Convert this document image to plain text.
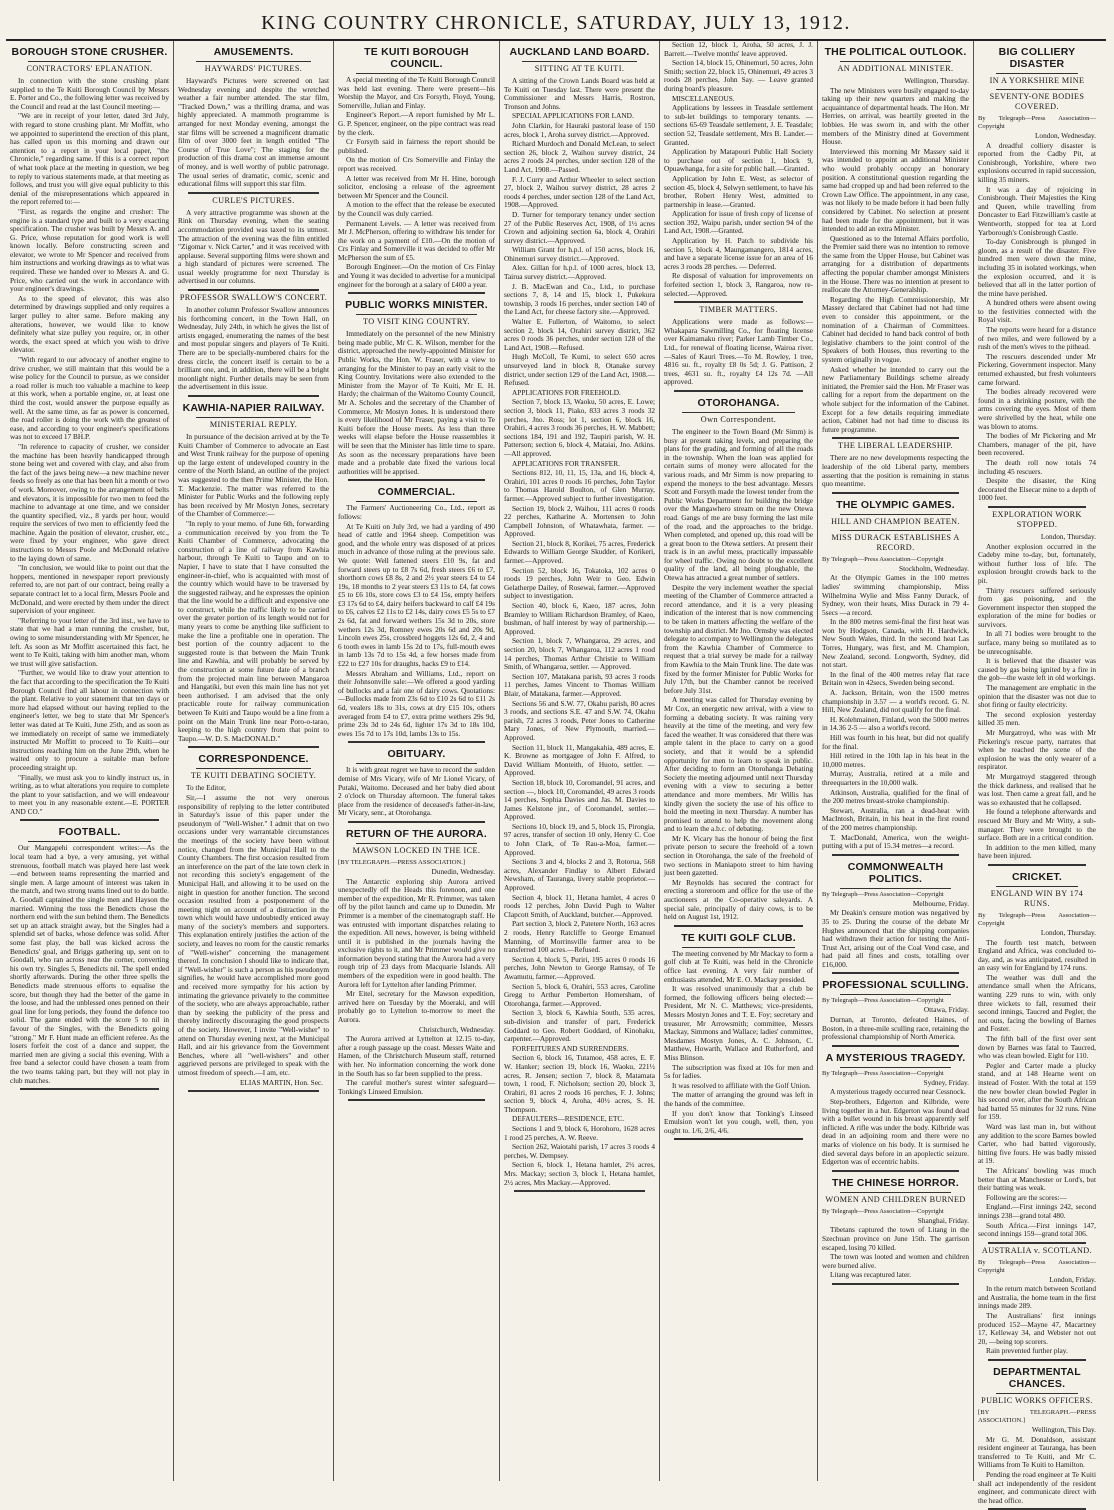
KING COUNTRY CHRONICLE, SATURDAY, JULY 13, 1912.
BOROUGH STONE CRUSHER.
CONTRACTORS' EPLANATION.

In connection with the stone crushing plant supplied to the Te Kuiti Borough Council by Messrs E. Porter and Co., the following letter was received by the Council and read at the last Council meeting:—

"We are in receipt of your letter, dated 3rd July, with regard to stone crushing plant. Mr Moffitt, who we appointed to superintend the erection of this plant, has called upon us this morning and drawn our attention to a report in your local paper, "the Chronicle," regarding same. If this is a correct report of what took place at the meeting in question, we beg to reply to various statements made, at that meeting as follows, and trust you will give equal publicity to this denial of the misrepresentations which appeared in the report referred to:—

"First, as regards the engine and crusher: The engine is a standard type and built to a very exacting specification. The crusher was built by Messrs A. and G. Price, whose reputation for good work is well known locally. Before constructing screen and elevator, we wrote to Mr Spencer and received from him instructions and working drawings as to what was required. These we handed over to Messrs A. and G. Price, who carried out the work in accordance with your engineer's drawings.

As to the speed of elevator, this was also determined by drawings supplied and only requires a larger pulley to alter same. Before making any alterations, however, we would like to know definitely what size pulley you require, or, in other words, the exact speed at which you wish to drive elevator.

"With regard to our advocacy of another engine to drive crusher, we still maintain that this would be a wise policy for the Council to pursue, as we consider a road roller is much too valuable a machine to keep at this work, when a portable engine, or, at least one third the cost, would answer the purpose equally as well. At the same time, as far as power is concerned, the road roller is doing the work with the greatest of ease, and according to your engineer's specifications was not to exceed 17 BH.P.

"In reference to capacity of crusher, we consider the machine has been heavily handicapped through stone being wet and covered with clay, and also from the fact of the jaws being new—a new machine never feeds so freely as one that has been hit a month or two of work. Moreover, owing to the arrangement of belts and elevators, it is impossible for two men to feed the machine to advantage at one time, and we consider the quantity specified, viz., 8 yards per hour, would require the services of two men to efficiently feed the machine. Again the position of elevator, crusher, etc., were fixed by your engineer, who gave direct instructions to Messrs Poole and McDonald relative to the laying down of same.

"In conclusion, we would like to point out that the hoppers, mentioned in newspaper report previously referred to, are not part of our contract, being really a separate contract let to a local firm, Messrs Poole and McDonald, and were erected by them under the direct supervision of your engineer.

"Referring to your letter of the 3rd inst., we have to state that we had a man running the crusher, but, owing to some misunderstanding with Mr Spencer, he left. As soon as Mr Moffitt ascertained this fact, he went to Te Kuiti, taking with him another man, whom we trust will give satisfaction.

"Further, we would like to draw your attention to the fact that according to the specification the Te Kuiti Borough Council find all labour in connection with the plant. Relative to your statement that ten days or more had elapsed without our having replied to the engineer's letter, we beg to state that Mr Spencer's letter was dated at Te Kuiti, June 25th, and as soon as we immediately on receipt of same we immediately instructed Mr Moffitt to proceed to Te Kuiti—our instructions reaching him on the June 29th, when he waited only to procure a suitable man before proceeding straight up.

"Finally, we must ask you to kindly instruct us, in writing, as to what alterations you require to complete the plant to your satisfaction, and we will endeavour to meet you in any reasonable extent.—E. PORTER AND CO."

FOOTBALL.

Our Mangapehi correspondent writes:—As the local team had a bye, a very amusing, yet withal strenuous, football match was played here last week—end between teams representing the married and single men. A large amount of interest was taken in the match, and two strong teams lined out to do battle. A. Goodall captained the single men and Hayson the married. Winning the toss the Benedicts chose the northern end with the sun behind them. The Benedicts set up an attack straight away, but the Singles had a splendid set of backs, whose defence was solid. After some fast play, the ball was kicked across the Benedicts' goal, and Briggs gathering up, sent on to Goodall, who ran across near the corner, converting his own try. Singles 5, Benedicts nil. The spell ended shortly afterwards. During the other three spells the Benedicts made strenuous efforts to equalise the score, but though they had the better of the game in the loose, and had the unblessed ones penned on their goal line for long periods, they found the defence too solid. The game ended with the score 5 to nil in favour of the Singles, with the Benedicts going "strong." Mr F. Hunt made an efficient referee. As the losers forfeit the cost of a dance and supper, the married men are giving a social this evening. With a free band a selector could have chosen a team from the two teams taking part, but they will not play in club matches.

AMUSEMENTS.
HAYWARDS' PICTURES.

Hayward's Pictures were screened on last Wednesday evening and despite the wretched weather a fair number attended. The star film, "Tracked Down," was a thrilling drama, and was highly appreciated. A mammoth programme is arranged for next Monday evening, amongst the star films will be screened a magnificent dramatic film of over 3000 feet in length entitled "The Course of True Love"; The staging for the production of this drama cost an immense amount of money, and is well worthy of public patronage. The usual series of dramatic, comic, scenic and educational films will support this star film.

CURLE'S PICTURES.

A very attractive programme was shown at the Rink on Thursday evening, when the seating accommodation provided was taxed to its utmost. The attraction of the evening was the film entitled "Zigomar v. Nick Carter," and it was received with applause. Several supporting films were shown and a high standard of pictures were screened. The usual weekly programme for next Thursday is advertised in our columns.

PROFESSOR SWALLOW'S CONCERT.

In another column Professor Swallow announces his forthcoming concert, in the Town Hall, on Wednesday, July 24th, in which he gives the list of artists engaged, enumerating the names of the best and most popular singers and players of Te Kuiti. There are to be specially-numbered chairs for the dress circle, the concert itself is certain to be a brilliant one, and, in addition, there will be a bright moonlight night. Further details may be seen from the advertisement in this issue.

KAWHIA-NAPIER RAILWAY.
MINISTERIAL REPLY.

In pursuance of the decision arrived at by the Te Kuiti Chamber of Commerce to advocate an East and West Trunk railway for the purpose of opening up the large extent of undeveloped country in the centre of the North Island, an outline of the project was suggested to the then Prime Minister, the Hon. T. Mackenzie. The matter was referred to the Minister for Public Works and the following reply has been received by Mr Mostyn Jones, secretary of the Chamber of Commerce:—

"In reply to your memo. of June 6th, forwarding a communication received by you from the Te Kuiti Chamber of Commerce, advocating the construction of a line of railway from Kawhia harbour, through Te Kuiti to Taupo and on to Napier, I have to state that I have consulted the engineer-in-chief, who is acquainted with most of the country which would have to be traversed by the suggested railway, and he expresses the opinion that the line would be a difficult and expensive one to construct, while the traffic likely to be carried over the greater portion of its length would not for many years to come be anything like sufficient to make the line a profitable one in operation. The best portion of the country adjacent to the suggested route is that between the Main Trunk line and Kawhia, and will probably be served by the construction at some future date of a branch from the projected main line between Mangaroa and Hangatiki, but even this main line has not yet been authorised. I am advised that the only practicable route for railway communication between Te Kuiti and Taupo would be a line from a point on the Main Trunk line near Poro-o-tarao, keeping to the high country from that point to Taupo.—W. D. S. MacDONALD."

CORRESPONDENCE.
TE KUITI DEBATING SOCIETY.

To the Editor,

Sir,—I assume the not very onerous responsibility of replying to the letter contributed in Saturday's issue of this paper under the pseudonym of "Well-Wisher." I admit that on two occasions under very warrantable circumstances the meetings of the society have been without notice, changed from the Municipal Hall to the County Chambers. The first occasion resulted from an interference on the part of the late town clerk in not recording this society's engagement of the Municipal Hall, and allowing it to be used on the night in question for another function. The second occasion resulted from a postponement of the meeting night on account of a distraction in the town which would have undoubtedly enticed away many of the society's members and supporters. This explanation entirely justifies the action of the society, and leaves no room for the caustic remarks of "Well-wisher" concerning the management thereof. In conclusion I should like to indicate that, if "Well-wisher" is such a person as his pseudonym signifies, he would have accomplished more good and received more sympathy for his action by intimating the grievance privately to the committee of the society, who are always approachable, rather than by seeking the publicity of the press and thereby indirectly discouraging the good prospects of the society. However, I invite "Well-wisher" to attend on Thursday evening next, at the Municipal Hall, and air his grievance from the Government Benches, where all "well-wishers" and other aggrieved persons are privileged to speak with the utmost freedom of speech.—I am, etc.

ELIAS MARTIN, Hon. Sec.
TE KUITI BOROUGH COUNCIL.

A special meeting of the Te Kuiti Borough Council was held last evening. There were present—his Worship the Mayor, and Crs Forsyth, Floyd, Young, Somerville, Julian and Finlay.

Engineer's Report.—A report furnished by Mr L. G. P. Spencer, engineer, on the pipe contract was read by the clerk.

Cr Forsyth said in fairness the report should be published.

On the motion of Crs Somerville and Finlay the report was received.

A letter was received from Mr H. Hine, borough solicitor, enclosing a release of the agreement between Mr Spencer and the Council.

A motion to the effect that the release be executed by the Council was duly carried.

Permanent Levels. — A letter was received from Mr J. McPherson, offering to withdraw his tender for the work on a payment of £10.—On the motion of Crs Finlay and Somerville it was decided to offer Mr McPherson the sum of £5.

Borough Engineer.—On the motion of Crs Finlay and Young it was decided to advertise for a municipal engineer for the borough at a salary of £400 a year.

PUBLIC WORKS MINISTER.
TO VISIT KING COUNTRY.

Immediately on the personnel of the new Ministry being made public, Mr C. K. Wilson, member for the district, approached the newly-appointed Minister for Public Works, the Hon. W. Fraser, with a view to arranging for the Minister to pay an early visit to the King Country. Invitations were also extended to the Minister from the Mayor of Te Kuiti, Mr E. H. Hardy; the chairman of the Waitomo County Council, Mr A. Scholes and the secretary of the Chamber of Commerce, Mr Mostyn Jones. It is understood there is every likelihood of Mr Fraser, paying a visit to Te Kuiti before the House meets. As less than three weeks will elapse before the House reassembles it will be seen that the Minister has little time to spare. As soon as the necessary preparations have been made and a probable date fixed the various local authorities will be apprised.

COMMERCIAL.

The Farmers' Auctioneering Co., Ltd., report as follows:

At Te Kuiti on July 3rd, we had a yarding of 490 head of cattle and 1964 sheep. Competition was good, and the whole entry was disposed of at prices much in advance of those ruling at the previous sale. We quote: Well fattened steers £10 9s, fat and forward steers up to £8 7s 6d, fresh steers £6 to £7, shorthorn cows £8 8s, 2 and 2½ year steers £4 to £4 19s, 18 months to 2 year steers £3 11s to £4, fat cows £5 to £6 10s, store cows £3 to £4 15s, empty heifers £3 17s 6d to £4, dairy heifers backward to calf £4 19s to £6, calves £2 11s to £2 14s, dairy cows £5 5s to £7 2s 6d, fat and forward wethers 15s 3d to 20s, store wethers 12s 3d, Romney ewes 20s 6d and 20s 9d, Lincoln ewes 25s, crossbred hoggets 12s 6d, 2, 4 and 6 tooth ewes in lamb 15s 2d to 17s, full-mouth ewes in lamb 13s 7d to 15s 4d, a few horses made from £22 to £27 10s for draughts, hacks £9 to £14.

Messrs Abraham and Williams, Ltd., report on their Johnsonville sale:—We offered a good yarding of bullocks and a fair one of dairy cows. Quotations:—Bullocks made from 23s 6d to £10 2s 6d to £11 2s 6d, vealers 18s to 31s, cows at dry £15 10s, others averaged from £4 to £7, extra prime wethers 29s 9d, prime 23s 3d to 24s 6d, lighter 17s 3d to 18s 10d, ewes 15s 7d to 17s 10d, lambs 13s to 15s.

OBITUARY.

It is with great regret we have to record the sudden demise of Mrs Vicary, wife of Mr Lionel Vicary, of Putaki, Waitomo. Deceased and her baby died about 2 o'clock on Thursday afternoon. The funeral takes place from the residence of deceased's father-in-law, Mr Vicary, senr., at Otorohanga.

RETURN OF THE AURORA.
MAWSON LOCKED IN THE ICE.
[BY TELEGRAPH.—PRESS ASSOCIATION.]
Dunedin, Wednesday.

The Antarctic exploring ship Aurora arrived unexpectedly off the Heads this forenoon, and one member of the expedition, Mr R. Primmer, was taken off by the pilot launch and came up to Dunedin. Mr Primmer is a member of the cinematograph staff. He was entrusted with important dispatches relating to the expedition. All news, however, is being withheld until it is published in the journals having the exclusive rights to it, and Mr Primmer would give no information beyond stating that the Aurora had a very rough trip of 23 days from Macquarie Islands. All members of the expedition were in good health. The Aurora left for Lyttelton after landing Primmer.

Mr Eitel, secretary for the Mawson expedition, arrived here on Tuesday by the Moeraki, and will probably go to Lyttelton to-morrow to meet the Aurora.

Christchurch, Wednesday.

The Aurora arrived at Lyttelton at 12.15 to-day, after a rough passage up the coast. Messrs Waite and Hamen, of the Christchurch Museum staff, returned with her. No information concerning the work done in the South has so far been supplied to the press.

The careful mother's surest winter safeguard—Tonking's Linseed Emulsion.

AUCKLAND LAND BOARD.
SITTING AT TE KUITI.

A sitting of the Crown Lands Board was held at Te Kuiti on Tuesday last. There were present the Commissioner and Messrs Harris, Rostron, Tronson and Johns.

SPECIAL APPLICATIONS FOR LAND.

John Clarkin, for Hauraki pastoral lease of 150 acres, block 1, Aroha survey district.—Approved.

Richard Murdoch and Donald McLean, to select section 26, block 2, Waihou survey district, 24 acres 2 roods 24 perches, under section 128 of the Land Act, 1908.—Passed.

F. J. Curry and Arthur Wheeler to select section 27, block 2, Waihou survey district, 28 acres 2 roods 4 perches, under section 128 of the Land Act, 1908.—Approved.

D. Turner for temporary tenancy under section 27 of the Public Reserves Act, 1908, of 1½ acres Crown and adjoining section 6a, block 4, Orahiri survey district.—Approved.

William Grant for h.p.l. of 150 acres, block 16, Ohinemuri survey district.—Approved.

Alex. Gillan for h.p.l. of 1000 acres, block 13, Tairua survey district.—Approved.

J. B. MacEwan and Co., Ltd., to purchase sections 7, 8, 14 and 15, block 1, Pukekura township, 3 roods 16 perches, under section 140 of the Land Act, for cheese factory site.—Approved.

Walter E. Fullerton, of Waitomo, to select section 2, block 14, Orahiri survey district, 362 acres 0 roods 36 perches, under section 128 of the Land Act, 1908.—Refused.

Hugh McColl, Te Kumi, to select 650 acres unsurveyed land in block 8, Otanake survey district, under section 129 of the Land Act, 1908.—Refused.

APPLICATIONS FOR FREEHOLD.

Section 7, block 13, Waoku, 50 acres, E. Lowe; section 3, block 11, Piako, 833 acres 3 roods 32 perches, Jno. Ross; lot 1, section 6, block 16, Orahiri, 4 acres 3 roods 36 perches, H. W. Mabbett; sections 184, 191 and 192, Taupiri parish, W. H. Patterson; section 6, block 4, Mataiai, Jno. Atkins.—All approved.

APPLICATIONS FOR TRANSFER.

Sections 812, 10, 11, 15, 13a, and 16, block 4, Orahiri, 101 acres 0 roods 16 perches, John Taylor to Thomas Harold Boulton, of Glen Murray, farmer.—Approved subject to further investigation.

Section 19, block 2, Waihou, 111 acres 0 roods 22 perches, Katharine A. Mortensen to John Campbell Johnston, of Whatawhata, farmer. — Approved.

Section 21, block 8, Korikei, 75 acres, Frederick Edwards to William George Skudder, of Korikeri, farmer.—Approved.

Section 52, block 16, Tokatoka, 102 acres 0 roods 19 perches, John Weir to Geo. Edwin Gelatherpe Dailey, of Rosewai, farmer.—Approved subject to investigation.

Section 40, block 6, Kaeo, 187 acres, John Bramley to William Richardson Bramley, of Kaeo, bushman, of half interest by way of partnership.—Approved.

Section 1, block 7, Whangaroa, 29 acres, and section 20, block 7, Whangaroa, 112 acres 1 rood 14 perches, Thomas Arthur Christie to William Smith, of Whangaroa, settler. — Approved.

Section 107, Matakana parish, 93 acres 3 roods 11 perches, James Vincent to Thomas William Blair, of Matakana, farmer.—Approved.

Sections 56 and S.W. 77, Okahu parish, 80 acres 3 roods, and sections S.E. 47 and S.W. 74, Okahu parish, 72 acres 3 roods, Peter Jones to Catherine Mary Jones, of New Plymouth, married.—Approved.

Section 11, block 11, Mangakahia, 489 acres, E. K. Browne as mortgagee of John F. Alfred, to David William Monteith, of Huoto, settler. —Approved.

Section 18, block 10, Coromandel, 91 acres, and section —, block 10, Coromandel, 49 acres 3 roods 14 perches, Sophia Davies and Jas. M. Davies to James Kelstone jnr., of Coromandel, settler.—Approved.

Sections 10, block 19, and 5, block 15, Pirongia, 97 acres, transfer of section 10 only, Henry C. Coe to John Clark, of Te Rau-a-Moa, farmer.—Approved.

Sections 3 and 4, blocks 2 and 3, Rotorua, 568 acres, Alexander Findlay to Albert Edward Newsham, of Tauranga, livery stable proprietor.—Approved.

Section 4, block 11, Hetana hamlet, 4 acres 0 roods 12 perches, John David Pugh to Walter Clapcott Smith, of Auckland, butcher.—Approved.

Part section 3, block 2, Patetere North, 163 acres 2 roods, Henry Ratcliffe to George Emanuel Manning, of Morrinsville farmer area to be transferred 100 acres.—Refused.

Section 4, block 5, Puriri, 195 acres 0 roods 16 perches, John Newton to George Ramsay, of Te Awamutu, farmer.—Approved.

Section 5, block 6, Orahiri, 553 acres, Caroline Gregg to Arthur Pemberton Homersham, of Otorohanga, farmer.—Approved.

Section 3, block 6, Kawhia South, 535 acres, sub-division and transfer of part, Frederick Goddard to Geo. Robert Goddard, of Kinohaku, carpenter.—Approved.

FORFEITURES AND SURRENDERS.

Section 6, block 16, Tutamoe, 458 acres, E. F. W. Hanker; section 19, block 16, Waoku, 221½ acres, R. Jensen; section 7, block 8, Matamata town, 1 rood, F. Nicholson; section 20, block 3, Orahiri, 81 acres 2 roods 16 perches, F. J. Johns; section 9, block 4, Aroha, 40½ acres, S. H. Thompson.

DEFAULTERS—RESIDENCE, ETC.

Sections 1 and 9, block 6, Horohoro, 1628 acres 1 rood 25 perches, A. W. Reeve.

Section 262, Waiotahi parish, 17 acres 3 roods 4 perches, W. Dempsey.

Section 6, block 1, Hetana hamlet, 2½ acres, Mrs. Mackay; section 3, block 1, Hetana hamlet, 2½ acres, Mrs Mackay.—Approved.

Section 12, block 1, Aroha, 50 acres, J. J. Barrett.—Twelve months' leave approved.

Section 14, block 15, Ohinemuri, 50 acres, John Smith; section 22, block 15, Ohinemuri, 49 acres 3 roods 28 perches, John Say. — Leave granted during board's pleasure.

MISCELLANEOUS.

Applications by lessees in Teasdale settlement to sub-let buildings to temporary tenants. — sections 65-69 Teasdale settlement, J. E. Teasdale; section 52, Teasdale settlement, Mrs B. Lander.—Granted.

Application by Matapouri Public Hall Society to purchase out of section 1, block 9, Opuawhanga, for a site for public hall.—Granted.

Application by John E. West, as selector of section 45, block 4, Selwyn settlement, to have his brother, Robert Henry West, admitted to partnership in lease.—Granted.

Application for issue of fresh copy of license of section 392, Waipu parish, under section 94 of the Land Act, 1908.—Granted.

Application by H. Patch to subdivide his section 5, block 4, Maungamangero, 1814 acres, and have a separate license issue for an area of 16 acres 3 roods 28 perches. — Deferred.

Re disposal of valuation for improvements on forfeited section 1, block 3, Rangaroa, now re-selected.—Approved.

TIMBER MATTERS.

Applications were made as follows:—Whakapara Sawmilling Co., for floating license over Kaimamaku river; Parker Lamb Timber Co., Ltd., for renewal of floating license, Wairoa river.—Sales of Kauri Trees.—To M. Rowley, 1 tree, 4816 su. ft., royalty £8 0s 5d; J. G. Pattison, 2 trees, 4631 su. ft., royalty £4 12s 7d. —All approved.

OTOROHANGA.
Own Correspondent.

The engineer to the Town Board (Mr Simm) is busy at present taking levels, and preparing the plans for the grading, and forming of all the roads in the township. When the loan was applied for certain sums of money were allocated for the various roads, and Mr Simm is now preparing to expend the moneys to the best advantage. Messrs Scott and Forsyth made the lowest tender from the Public Works Department for building the bridge over the Mangawhero stream on the new Otewa road. Gangs of me are busy forming the last mile of the road, and the approaches to the bridge. When completed, and opened up, this road will be a great boon to the Otewa settlers. At present their track is in an awful mess, practically impassable for wheel traffic. Owing no doubt to the excellent quality of the land, all being ploughable, the Otewa has attracted a great number of settlers.

Despite the very inclement weather the special meeting of the Chamber of Commerce attracted a record attendance, and it is a very pleasing indication of the interest that is now commencing to be taken in matters affecting the welfare of the township and district. Mr Jno. Ormsby was elected delegate to accompany to Wellington the delegates from the Kawhia Chamber of Commerce to request that a trial survey be made for a railway from Kawhia to the Main Trunk line. The date was fixed by the former Minister for Public Works for July 17th, but the Chamber cannot be received before July 31st.

A meeting was called for Thursday evening by Mr Cox, an energetic new arrival, with a view to forming a debating society. It was raining very heavily at the time of the meeting, and very few faced the weather. It was considered that there was ample talent in the place to carry on a good society, and that it would be a splendid opportunity for men to learn to speak in public. After deciding to form an Otorohanga Debating Society the meeting adjourned until next Thursday evening with a view to securing a better attendance and more members. Mr Willis has kindly given the society the use of his office to hold the meeting in next Thursday. A number has promised to attend to help the movement along and to learn the a.b.c. of debating.

Mr K. Vicary has the honour of being the first private person to secure the freehold of a town section in Otorohanga, the sale of the freehold of two sections in Maniapoto street to him having just been gazetted.

Mr Reynolds has secured the contract for erecting a storeroom and office for the use of the auctioneers at the Co-operative saleyards. A special sale, principally of dairy cows, is to be held on August 1st, 1912.

TE KUITI GOLF CLUB.

The meeting convened by Mr Mackay to form a golf club at Te Kuiti, was held in the Chronicle office last evening. A very fair number of enthusiasts attended, Mr E. O. Mackay presided.

It was resolved unanimously that a club be formed, the following officers being elected:—President, Mr N. C. Matthews; vice-presidents, Messrs Mostyn Jones and T. E. Foy; secretary and treasurer, Mr Arrowsmith; committee, Messrs Mackay, Simmons and Wallace; ladies' committee, Mesdames Mostyn Jones, A. C. Johnson, C. Matthew, Howarth, Wallace and Rutherford, and Miss Blinson.

The subscription was fixed at 10s for men and 5s for ladies.

It was resolved to affiliate with the Golf Union.

The matter of arranging the ground was left in the hands of the committee.

If you don't know that Tonking's Linseed Emulsion won't let you cough, well, then, you ought to. 1/6, 2/6, 4/6.

THE POLITICAL OUTLOOK.
AN ADDITIONAL MINISTER.
Wellington, Thursday.

The new Ministers were busily engaged to-day taking up their new quarters and making the acquaintance of departmental heads. The Hon. Mr Herries, on arrival, was heartily greeted in the lobbies. He was sworn in, and with the other members of the Ministry dined at Government House.

Interviewed this morning Mr Massey said it was intended to appoint an additional Minister who would probably occupy an honorary position. A constitutional question regarding the same had cropped up and had been referred to the Crown Law Office. The appointment, in any case, was not likely to be made before it had been fully considered by Cabinet. No selection at present had been made for the appointment, but it was intended to add an extra Minister.

Questioned as to the Internal Affairs portfolio, the Premier said there was no intention to remove the same from the Upper House, but Cabinet was arranging for a distribution of departments affecting the popular chamber amongst Ministers in the House. There was no intention at present to reallocate the Attorney-Generalship.

Regarding the High Commissionership, Mr Massey declared that Cabinet had not had time even to consider this appointment, or the nomination of a Chairman of Committees. Cabinet had decided to hand back control of both legislative chambers to the joint control of the Speakers of both Houses, thus reverting to the system originally in vogue.

Asked whether he intended to carry out the new Parliamentary Buildings scheme already initiated, the Premier said the Hon. Mr Fraser was calling for a report from the department on the whole subject for the information of the Cabinet. Except for a few details requiring immediate action, Cabinet had not had time to discuss its future programme.

THE LIBERAL LEADERSHIP.

There are no new developments respecting the leadership of the old Liberal party, members asserting that the position is remaining in status quo meantime.

THE OLYMPIC GAMES.
HILL AND CHAMPION BEATEN.
MISS DURACK ESTABLISHES A RECORD.
By Telegraph—Press Association—Copyright
Stockholm, Wednesday.

At the Olympic Games in the 100 metres ladies' swimming championship, Miss Wilhelmina Wylie and Miss Fanny Durack, of Sydney, won their heats, Miss Durack in 79 4-5secs —a record.

In the 800 metres semi-final the first heat was won by Hodgson, Canada, with H. Hardwick, New South Wales, third. In the second heat Las Torres, Hungary, was first, and M. Champion, New Zealand, second. Longworth, Sydney, did not start.

In the final of the 400 metres relay flat race Britain won in 42secs, Sweden being second.

A. Jackson, Britain, won the 1500 metres championship in 3.57 — a world's record. G. N. Hill, New Zealand, did not qualify for the final.

H. Kolehmainen, Finland, won the 5000 metres in 14.36 2-5 — also a world's record.

Hill was fourth in his heat, but did not qualify for the final.

Hill retired in the 10th lap in his heat in the 10,000 metres.

Murray, Australia, retired at a mile and threequarters in the 10,000 walk.

Atkinson, Australia, qualified for the final of the 200 metres breast-stroke championship.

Stewart, Australia, ran a dead-heat with MacIntosh, Britain, in his heat in the first round of the 200 metres championship.

T. MacDonald, America, won the weight-putting with a put of 15.34 metres—a record.

COMMONWEALTH POLITICS.
By Telegraph—Press Association—Copyright
Melbourne, Friday.

Mr Deakin's censure motion was negatived by 35 to 25. During the course of the debate Mr Hughes announced that the shipping companies had withdrawn their action for testing the Anti-Trust Act, arising out of the Coal Vend case, and had paid all fines and costs, totalling over £16,000.

PROFESSIONAL SCULLING.
By Telegraph—Press Association—Copyright
Ottawa, Friday.

Durnan, at Toronto, defeated Haines, of Boston, in a three-mile sculling race, retaining the professional championship of North America.

A MYSTERIOUS TRAGEDY.
By Telegraph—Press Association—Copyright
Sydney, Friday.

A mysterious tragedy occurred near Cessnock.

Step-brothers, Edgerton and Kilbride, were living together in a hut. Edgerton was found dead with a bullet wound in his breast apparently self inflicted. A rifle was under the body. Kilbride was dead in an adjoining room and there were no marks of violence on his body. It is surmised he died several days before in an apoplectic seizure. Edgerton was of eccentric habits.

THE CHINESE HORROR.
WOMEN AND CHILDREN BURNED
By Telegraph—Press Association—Copyright
Shanghai, Friday.

Tibetans captured the town of Litang in the Szechuan province on June 15th. The garrison escaped, losing 70 killed.

The town was looted and women and children were burned alive.

Litang was recaptured later.

BIG COLLIERY DISASTER
IN A YORKSHIRE MINE
SEVENTY-ONE BODIES COVERED.
By Telegraph—Press Association—Copyright
London, Wednesday.

A dreadful colliery disaster is reported from the Cadby Pit, at Conisbrough, Yorkshire, where two explosions occurred in rapid succession, killing 35 miners.

It was a day of rejoicing in Conisbrough. Their Majesties the King and Queen, while travelling from Doncaster to Earl Fitzwilliam's castle at Wentworth, stopped for tea at Lord Yarborough's Conisbrough Castle.

To-day Conisbrough is plunged in gloom, as a result of the disaster. Five hundred men were down the mine, including 35 in isolated workings, when the explosion occurred, and it is believed that all in the latter portion of the mine have perished.

A hundred others were absent owing to the festivities connected with the Royal visit.

The reports were heard for a distance of two miles, and were followed by a rush of the men's wives to the pithead.

The rescuers descended under Mr Pickering, Government inspector. Many returned exhausted, but fresh volunteers came forward.

The bodies already recovered were found in a shrinking posture, with the arms covering the eyes. Most of them were shrivelled by the heat, while one was blown to atoms.

The bodies of Mr Pickering and Mr Chambers, manager of the pit, have been recovered.

The death roll now totals 74 including 45 rescuers.

Despite the disaster, the King decorated the Elsecar mine to a depth of 1000 feet.

EXPLORATION WORK STOPPED.
London, Thursday.

Another explosion occurred in the Cadeby mine to-day, but, fortunately, without further loss of life. The explosion brought crowds back to the pit.

Thirty rescuers suffered seriously from gas poisoning, and the Government inspector then stopped the exploration of the mine for bodies or survivors.

In all 71 bodies were brought to the surface, many being so mutilated as to be unrecognisable.

It is believed that the disaster was caused by gas being ignited by a fire in the gob—the waste left in old workings.

The management are emphatic in the opinion that the disaster was not due to shot firing or faulty electricity.

The second explosion yesterday killed 35 men.

Mr Murgatroyd, who was with Mr Pickering's rescue party, narrates that when he reached the scene of the explosion he was the only wearer of a respirator.

Mr Murgatroyd staggered through the thick darkness, and realised that he was lost. Then came a great fall, and he was so exhausted that he collapsed.

He found a telephone afterwards and rescued Mr Bury and Mr Witty, a sub-manager. They were brought to the surface. Both are in a critical condition.

In addition to the men killed, many have been injured.

CRICKET.
ENGLAND WIN BY 174 RUNS.
By Telegraph—Press Association—Copyright
London, Thursday.

The fourth test match, between England and Africa, was concluded to-day, and, as was anticipated, resulted in an easy win for England by 174 runs.

The weather was dull and the attendance small when the Africans, wanting 229 runs to win, with only three wickets to fall, resumed their second innings, Taucred and Pegler, the not outs, facing the bowling of Barnes and Foster.

The fifth ball of the first over sent down by Barnes was fatal to Taucred, who was clean bowled. Eight for 110.

Pegler and Carter made a plucky stand, and at 148 Hearne went on instead of Foster. With the total at 159 the new bowler clean bowled Pegler in his second over, after the South African had batted 55 minutes for 32 runs. Nine for 159.

Ward was last man in, but without any addition to the score Barnes bowled Carter, who had batted vigorously, hitting five fours. He was badly missed at 19.

The Africans' bowling was much better than at Manchester or Lord's, but their batting was weak.

Following are the scores:—

England.—First innings 242, second innings 238—grand total 480.

South Africa.—First innings 147, second innings 159—grand total 306.

AUSTRALIA v. SCOTLAND.
By Telegraph—Press Association—Copyright
London, Friday.

In the return match between Scotland and Australia, the home team in the first innings made 289.

The Australians' first innings produced 152—Mayne 47, Macartney 17, Kelleway 34, and Webster not out 20, —being top scorers.

Rain prevented further play.

DEPARTMENTAL CHANCES.
PUBLIC WORKS OFFICERS.
[BY TELEGRAPH.—PRESS ASSOCIATION.]
Wellington, This Day.

Mr G. M. Donaldson, assistant resident engineer at Tauranga, has been transferred to Te Kuiti, and Mr C. Williams from Te Kuiti to Hamilton.

Pending the road engineer at Te Kuiti shall act independently of the resident engineer, and communicate direct with the head office.
